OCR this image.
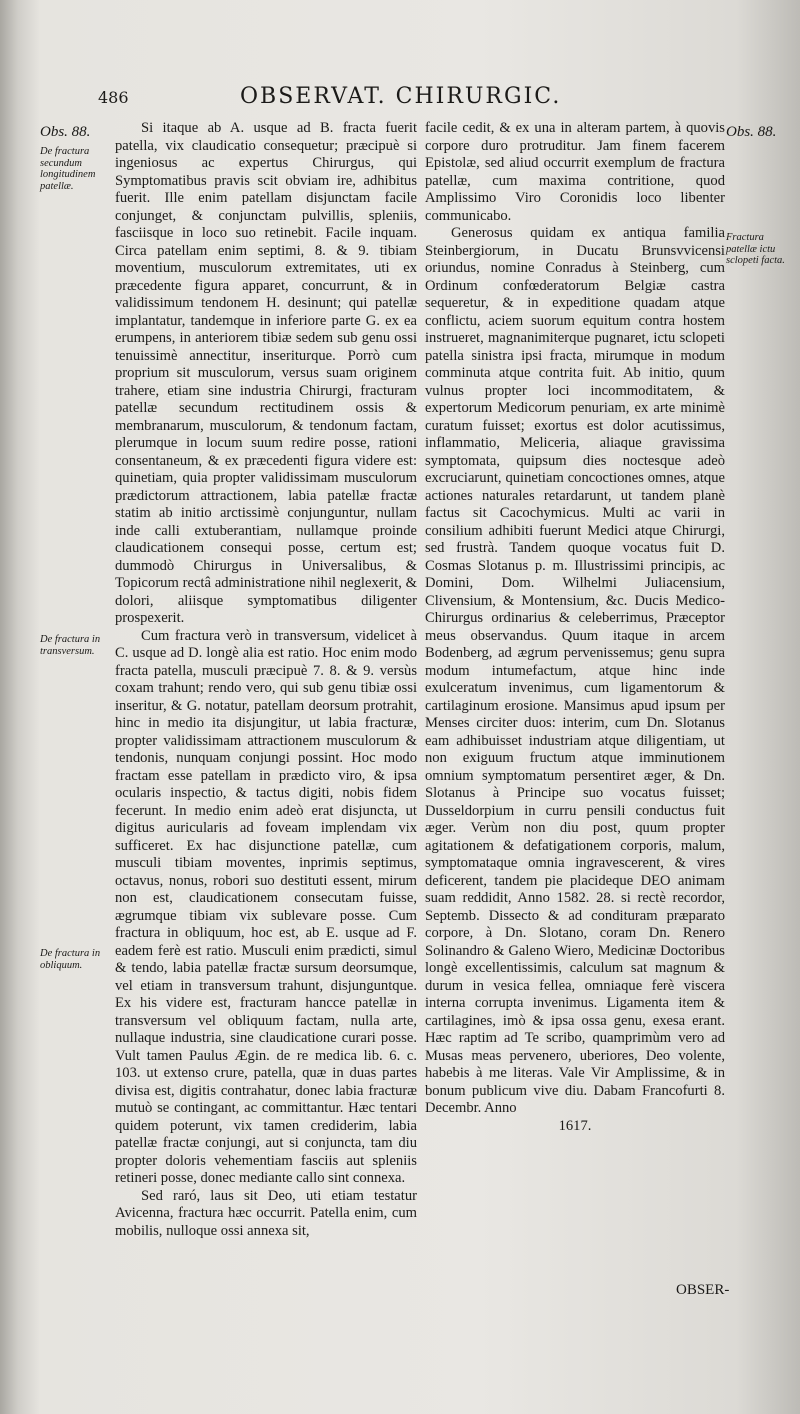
486	OBSERVAT. CHIRURGIC.
Obs. 88.
De fractura secundum longitudinem patellæ.
De fractura in transversum.
De fractura in obliquum.
Obs. 88.
Fractura patellæ ictu sclopeti facta.

Si itaque ab A. usque ad B. fracta fuerit patella, vix claudicatio consequetur; præcipuè si ingeniosus ac expertus Chirurgus, qui Symptomatibus pravis scit obviam ire, adhibitus fuerit. Ille enim patellam disjunctam facile conjunget, & conjunctam pulvillis, spleniis, fasciisque in loco suo retinebit. Facile inquam. Circa patellam enim septimi, 8. & 9. tibiam moventium, musculorum extremitates, uti ex præcedente figura apparet, concurrunt, & in validissimum tendonem H. desinunt; qui patellæ implantatur, tandemque in inferiore parte G. ex ea erumpens, in anteriorem tibiæ sedem sub genu ossi tenuissimè annectitur, inseriturque. Porrò cum proprium sit musculorum, versus suam originem trahere, etiam sine industria Chirurgi, fracturam patellæ secundum rectitudinem ossis & membranarum, musculorum, & tendonum factam, plerumque in locum suum redire posse, rationi consentaneum, & ex præcedenti figura videre est: quinetiam, quia propter validissimam musculorum prædictorum attractionem, labia patellæ fractæ statim ab initio arctissimè conjunguntur, nullam inde calli extuberantiam, nullamque proinde claudicationem consequi posse, certum est; dummodò Chirurgus in Universalibus, & Topicorum rectâ administratione nihil neglexerit, & dolori, aliisque symptomatibus diligenter prospexerit.

Cum fractura verò in transversum, videlicet à C. usque ad D. longè alia est ratio. Hoc enim modo fracta patella, musculi præcipuè 7. 8. & 9. versùs coxam trahunt; rendo vero, qui sub genu tibiæ ossi inseritur, & G. notatur, patellam deorsum protrahit, hinc in medio ita disjungitur, ut labia fracturæ, propter validissimam attractionem musculorum & tendonis, nunquam conjungi possint. Hoc modo fractam esse patellam in prædicto viro, & ipsa ocularis inspectio, & tactus digiti, nobis fidem fecerunt. In medio enim adeò erat disjuncta, ut digitus auricularis ad foveam implendam vix sufficeret. Ex hac disjunctione patellæ, cum musculi tibiam moventes, inprimis septimus, octavus, nonus, robori suo destituti essent, mirum non est, claudicationem consecutam fuisse, ægrumque tibiam vix sublevare posse. Cum fractura in obliquum, hoc est, ab E. usque ad F. eadem ferè est ratio. Musculi enim prædicti, simul & tendo, labia patellæ fractæ sursum deorsumque, vel etiam in transversum trahunt, disjunguntque. Ex his videre est, fracturam hancce patellæ in transversum vel obliquum factam, nulla arte, nullaque industria, sine claudicatione curari posse. Vult tamen Paulus Ægin. de re medica lib. 6. c. 103. ut extenso crure, patella, quæ in duas partes divisa est, digitis contrahatur, donec labia fracturæ mutuò se contingant, ac committantur. Hæc tentari quidem poterunt, vix tamen crediderim, labia patellæ fractæ conjungi, aut si conjuncta, tam diu propter doloris vehementiam fasciis aut spleniis retineri posse, donec mediante callo sint connexa.

Sed raró, laus sit Deo, uti etiam testatur Avicenna, fractura hæc occurrit. Patella enim, cum mobilis, nulloque ossi annexa sit,

facile cedit, & ex una in alteram partem, à quovis corpore duro protruditur. Jam finem facerem Epistolæ, sed aliud occurrit exemplum de fractura patellæ, cum maxima contritione, quod Amplissimo Viro Coronidis loco libenter communicabo.

Generosus quidam ex antiqua familia Steinbergiorum, in Ducatu Brunsvvicensi oriundus, nomine Conradus à Steinberg, cum Ordinum confœderatorum Belgiæ castra sequeretur, & in expeditione quadam atque conflictu, aciem suorum equitum contra hostem instrueret, magnanimiterque pugnaret, ictu sclopeti patella sinistra ipsi fracta, mirumque in modum comminuta atque contrita fuit. Ab initio, quum vulnus propter loci incommoditatem, & expertorum Medicorum penuriam, ex arte minimè curatum fuisset; exortus est dolor acutissimus, inflammatio, Meliceria, aliaque gravissima symptomata, quipsum dies noctesque adeò excruciarunt, quinetiam concoctiones omnes, atque actiones naturales retardarunt, ut tandem planè factus sit Cacochymicus. Multi ac varii in consilium adhibiti fuerunt Medici atque Chirurgi, sed frustrà. Tandem quoque vocatus fuit D. Cosmas Slotanus p. m. Illustrissimi principis, ac Domini, Dom. Wilhelmi Juliacensium, Clivensium, & Montensium, &c. Ducis Medico-Chirurgus ordinarius & celeberrimus, Præceptor meus observandus. Quum itaque in arcem Bodenberg, ad ægrum pervenissemus; genu supra modum intumefactum, atque hinc inde exulceratum invenimus, cum ligamentorum & cartilaginum erosione. Mansimus apud ipsum per Menses circiter duos: interim, cum Dn. Slotanus eam adhibuisset industriam atque diligentiam, ut non exiguum fructum atque imminutionem omnium symptomatum persentiret æger, & Dn. Slotanus à Principe suo vocatus fuisset; Dusseldorpium in curru pensili conductus fuit æger. Verùm non diu post, quum propter agitationem & defatigationem corporis, malum, symptomataque omnia ingravescerent, & vires deficerent, tandem pie placideque DEO animam suam reddidit, Anno 1582. 28. si rectè recordor, Septemb. Dissecto & ad condituram præparato corpore, à Dn. Slotano, coram Dn. Renero Solinandro & Galeno Wiero, Medicinæ Doctoribus longè excellentissimis, calculum sat magnum & durum in vesica fellea, omniaque ferè viscera interna corrupta invenimus. Ligamenta item & cartilagines, imò & ipsa ossa genu, exesa erant. Hæc raptim ad Te scribo, quamprimùm vero ad Musas meas pervenero, uberiores, Deo volente, habebis à me literas. Vale Vir Amplissime, & in bonum publicum vive diu. Dabam Francofurti 8. Decembr. Anno

1617.

OBSER-
